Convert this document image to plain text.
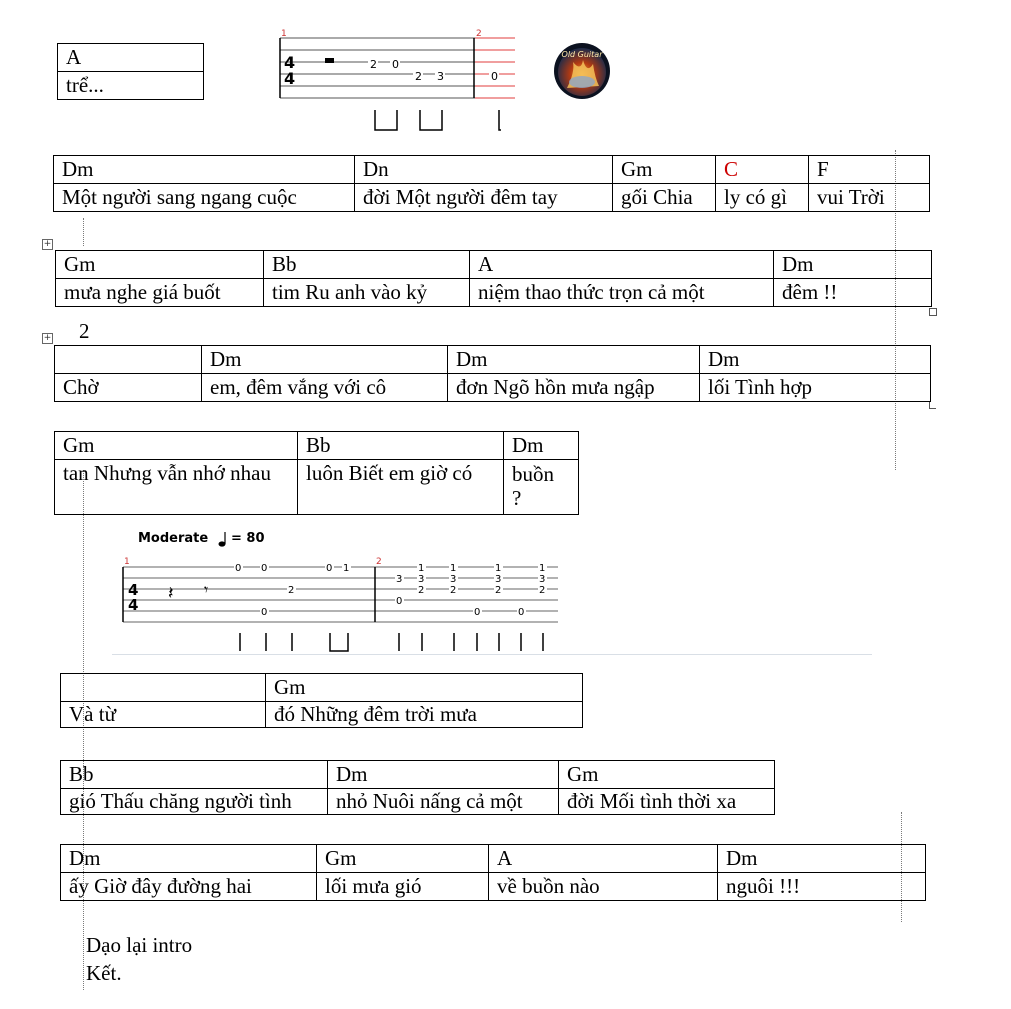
A
trể...
1	2
4
4
2 0
2 3	0
Old Guitar
Dm	Dn	Gm	C	F
Một người sang ngang cuộc	đời Một người đêm tay	gối Chia	ly có gì	vui Trời
+
Gm	Bb	A	Dm
mưa nghe giá buốt	tim Ru anh vào kỷ	niệm thao thức trọn cả một	đêm !!
+ 2
	Dm	Dm	Dm
Chờ	em, đêm vắng với cô	đơn Ngõ hồn mưa ngập	lối Tình hợp
Gm	Bb	Dm
tan Nhưng vẫn nhớ nhau	luôn Biết em giờ có	buồn ?
Moderate = 80
1	2
4
4
𝄽 𝄾
0 0
0
2
0 1
3
0
1
3
2
1
3
2
0
1
3
2
0
1
3
2
	Gm
Và từ	đó Những đêm trời mưa
Bb	Dm	Gm
gió Thấu chăng người tình	nhỏ Nuôi nấng cả một	đời Mối tình thời xa
Dm	Gm	A	Dm
ấy Giờ đây đường hai	lối mưa gió	về buồn nào	nguôi !!!
Dạo lại intro
Kết.
